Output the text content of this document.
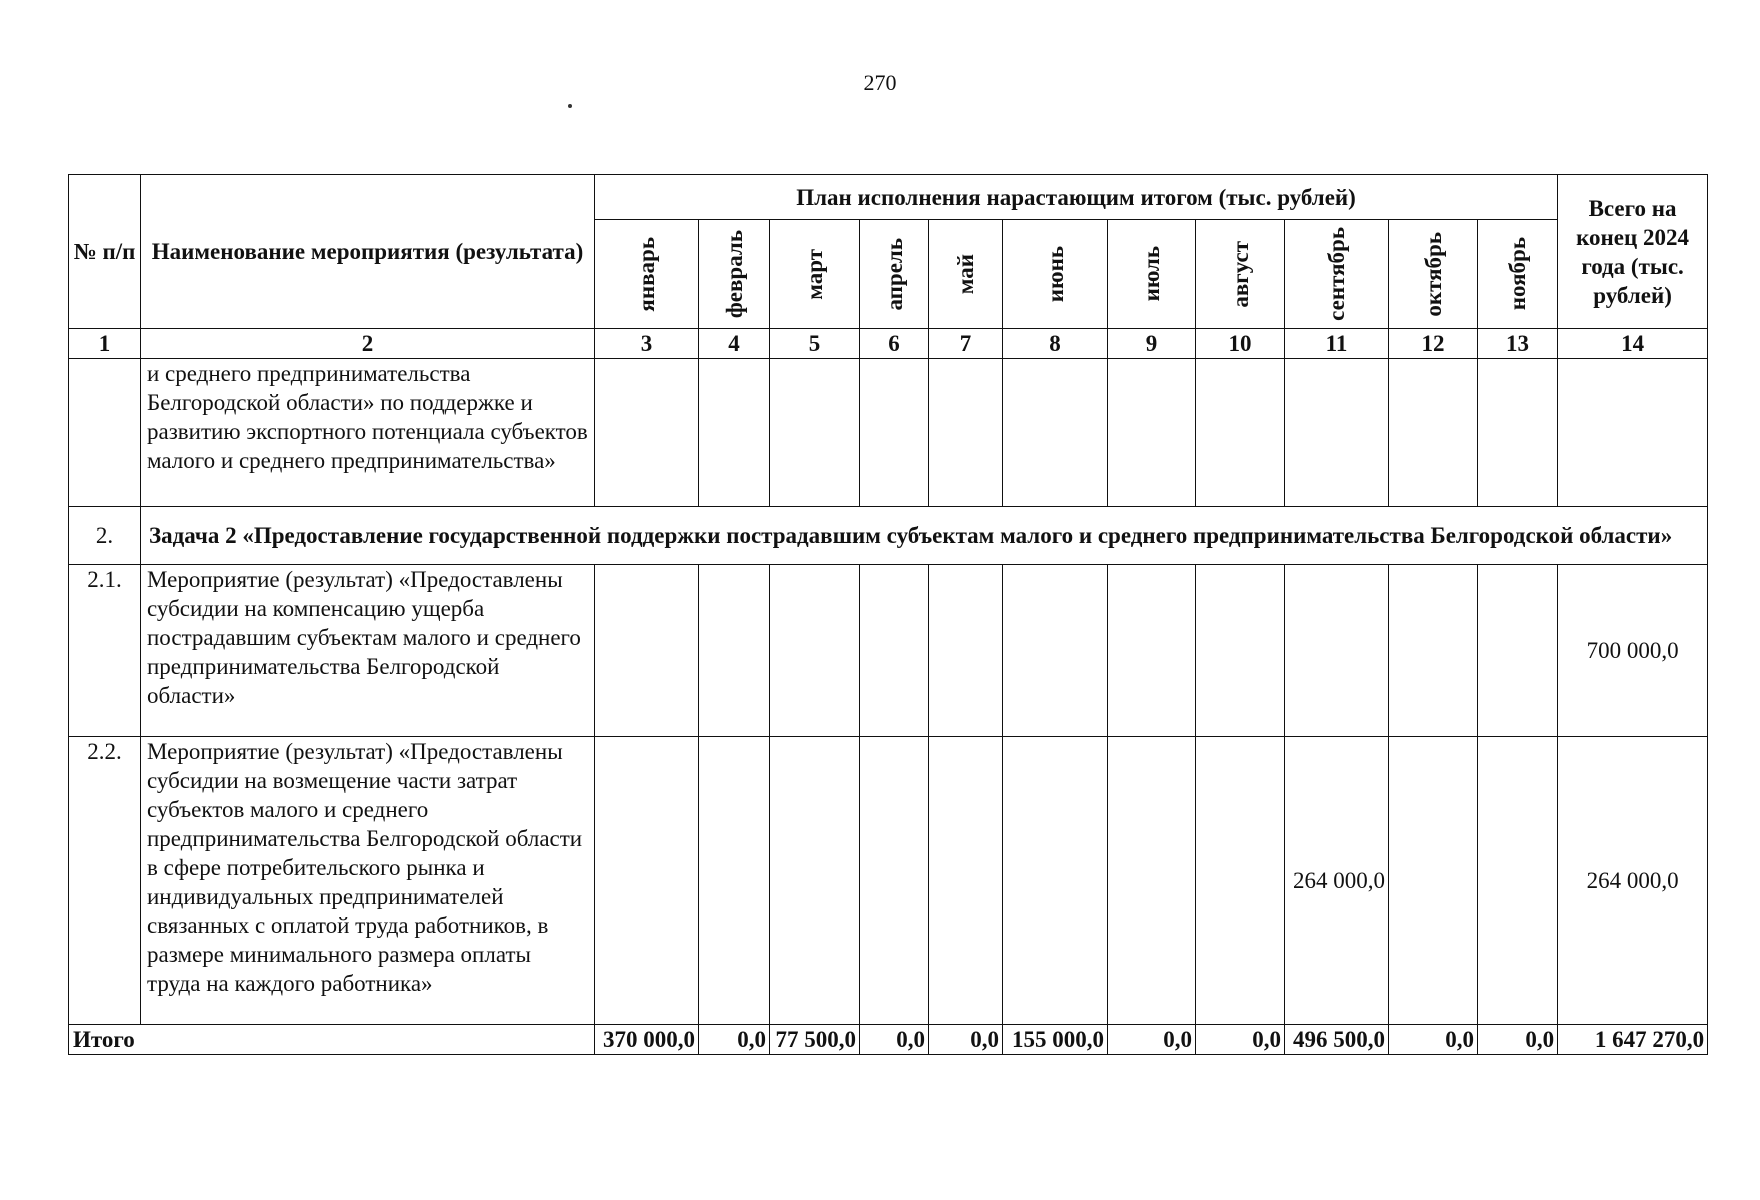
270
№ п/п	Наименование мероприятия (результата)	План исполнения нарастающим итогом (тыс. рублей)											Всего на конец 2024 года (тыс. рублей)

		январь	февраль	март	апрель	май	июнь	июль	август	сентябрь	октябрь	ноябрь	

1	2	3	4	5	6	7	8	9	10	11	12	13	14
	и среднего предпринимательства Белгородской области» по поддержке и развитию экспортного потенциала субъектов малого и среднего предпринимательства»												
2.	Задача 2 «Предоставление государственной поддержки пострадавшим субъектам малого и среднего предпринимательства Белгородской области»												
2.1.	Мероприятие (результат) «Предоставлены субсидии на компенсацию ущерба пострадавшим субъектам малого и среднего предпринимательства Белгородской области»												700 000,0
2.2.	Мероприятие (результат) «Предоставлены субсидии на возмещение части затрат субъектов малого и среднего предпринимательства Белгородской области в сфере потребительского рынка и индивидуальных предпринимателей связанных с оплатой труда работников, в размере минимального размера оплаты труда на каждого работника»									264 000,0			264 000,0
Итого		370 000,0	0,0	77 500,0	0,0	0,0	155 000,0	0,0	0,0	496 500,0	0,0	0,0	1 647 270,0
